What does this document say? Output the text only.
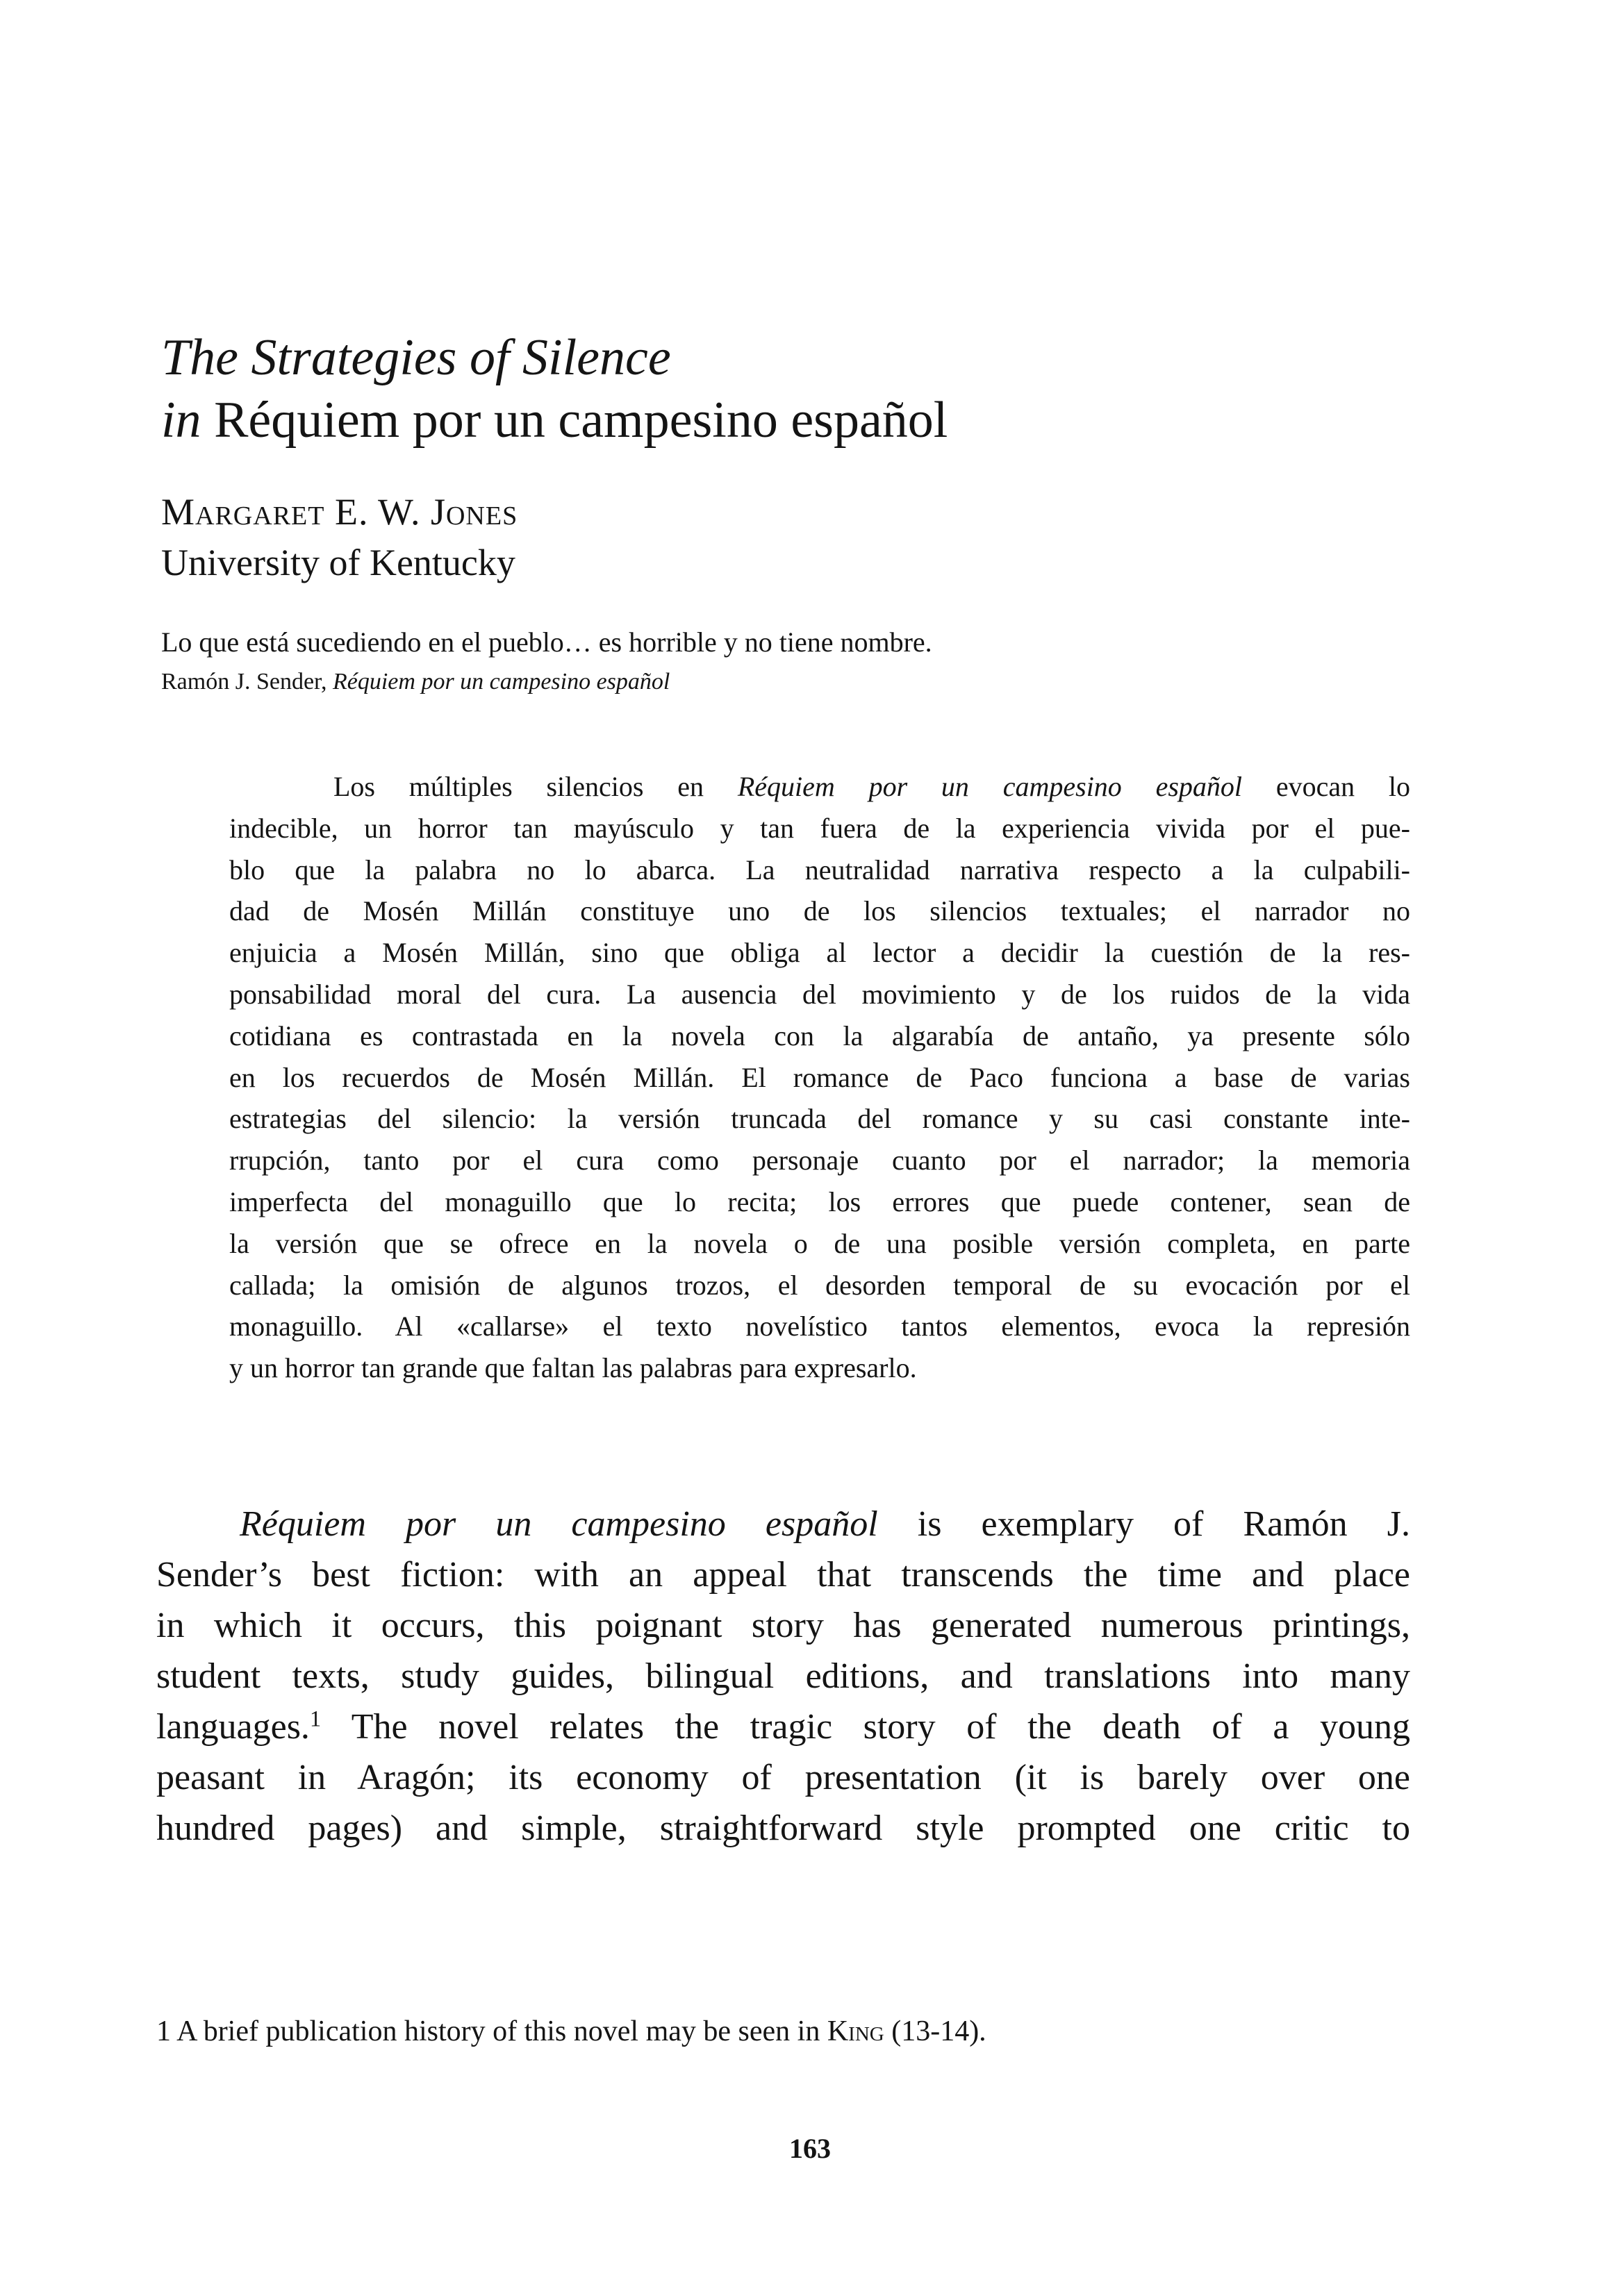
The Strategies of Silence

in Réquiem por un campesino español

Margaret E. W. Jones

University of Kentucky

Lo que está sucediendo en el pueblo… es horrible y no tiene nombre.

Ramón J. Sender, Réquiem por un campesino español

Los múltiples silencios en Réquiem por un campesino español evocan lo
indecible, un horror tan mayúsculo y tan fuera de la experiencia vivida por el pue-
blo que la palabra no lo abarca. La neutralidad narrativa respecto a la culpabili-
dad de Mosén Millán constituye uno de los silencios textuales; el narrador no
enjuicia a Mosén Millán, sino que obliga al lector a decidir la cuestión de la res-
ponsabilidad moral del cura. La ausencia del movimiento y de los ruidos de la vida
cotidiana es contrastada en la novela con la algarabía de antaño, ya presente sólo
en los recuerdos de Mosén Millán. El romance de Paco funciona a base de varias
estrategias del silencio: la versión truncada del romance y su casi constante inte-
rrupción, tanto por el cura como personaje cuanto por el narrador; la memoria
imperfecta del monaguillo que lo recita; los errores que puede contener, sean de
la versión que se ofrece en la novela o de una posible versión completa, en parte
callada; la omisión de algunos trozos, el desorden temporal de su evocación por el
monaguillo. Al «callarse» el texto novelístico tantos elementos, evoca la represión
y un horror tan grande que faltan las palabras para expresarlo.
Réquiem por un campesino español is exemplary of Ramón J.
Sender’s best fiction: with an appeal that transcends the time and place
in which it occurs, this poignant story has generated numerous printings,
student texts, study guides, bilingual editions, and translations into many
languages.$^1$ The novel relates the tragic story of the death of a young
peasant in Aragón; its economy of presentation (it is barely over one
hundred pages) and simple, straightforward style prompted one critic to

1 A brief publication history of this novel may be seen in King (13-14).

163
